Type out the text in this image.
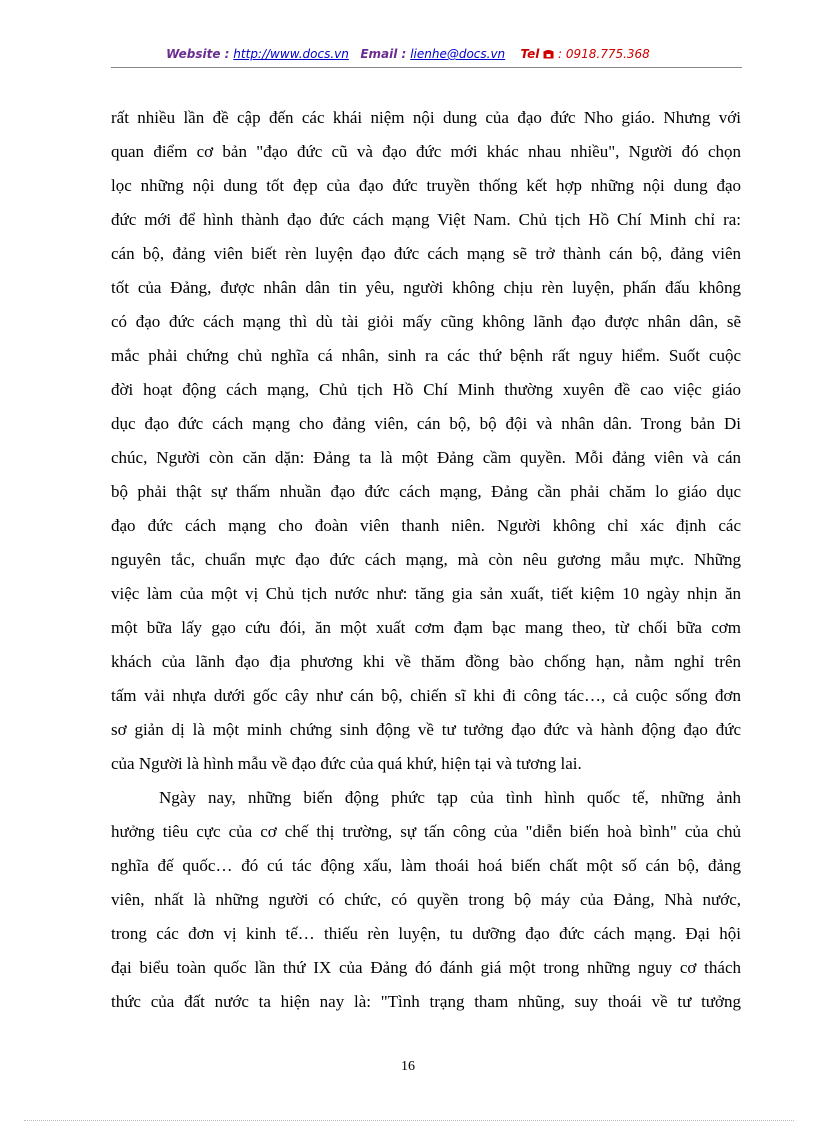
Website : http://www.docs.vn Email : lienhe@docs.vn Tel : 0918.775.368
rất nhiều lần đề cập đến các khái niệm nội dung của đạo đức Nho giáo. Nhưng với
quan điểm cơ bản "đạo đức cũ và đạo đức mới khác nhau nhiều", Người đó chọn
lọc những nội dung tốt đẹp của đạo đức truyền thống kết hợp những nội dung đạo
đức mới để hình thành đạo đức cách mạng Việt Nam. Chủ tịch Hồ Chí Minh chỉ ra:
cán bộ, đảng viên biết rèn luyện đạo đức cách mạng sẽ trở thành cán bộ, đảng viên
tốt của Đảng, được nhân dân tin yêu, người không chịu rèn luyện, phấn đấu không
có đạo đức cách mạng thì dù tài giỏi mấy cũng không lãnh đạo được nhân dân, sẽ
mắc phải chứng chủ nghĩa cá nhân, sinh ra các thứ bệnh rất nguy hiểm. Suốt cuộc
đời hoạt động cách mạng, Chủ tịch Hồ Chí Minh thường xuyên đề cao việc giáo
dục đạo đức cách mạng cho đảng viên, cán bộ, bộ đội và nhân dân. Trong bản Di
chúc, Người còn căn dặn: Đảng ta là một Đảng cầm quyền. Mỗi đảng viên và cán
bộ phải thật sự thấm nhuần đạo đức cách mạng, Đảng cần phải chăm lo giáo dục
đạo đức cách mạng cho đoàn viên thanh niên. Người không chỉ xác định các
nguyên tắc, chuẩn mực đạo đức cách mạng, mà còn nêu gương mẫu mực. Những
việc làm của một vị Chủ tịch nước như: tăng gia sản xuất, tiết kiệm 10 ngày nhịn ăn
một bữa lấy gạo cứu đói, ăn một xuất cơm đạm bạc mang theo, từ chối bữa cơm
khách của lãnh đạo địa phương khi về thăm đồng bào chống hạn, nằm nghỉ trên
tấm vải nhựa dưới gốc cây như cán bộ, chiến sĩ khi đi công tác…, cả cuộc sống đơn
sơ giản dị là một minh chứng sinh động về tư tưởng đạo đức và hành động đạo đức
của Người là hình mẫu về đạo đức của quá khứ, hiện tại và tương lai.
Ngày nay, những biến động phức tạp của tình hình quốc tế, những ảnh
hưởng tiêu cực của cơ chế thị trường, sự tấn công của "diễn biến hoà bình" của chủ
nghĩa đế quốc… đó cú tác động xấu, làm thoái hoá biến chất một số cán bộ, đảng
viên, nhất là những người có chức, có quyền trong bộ máy của Đảng, Nhà nước,
trong các đơn vị kinh tế… thiếu rèn luyện, tu dưỡng đạo đức cách mạng. Đại hội
đại biểu toàn quốc lần thứ IX của Đảng đó đánh giá một trong những nguy cơ thách
thức của đất nước ta hiện nay là: "Tình trạng tham nhũng, suy thoái về tư tưởng
16
